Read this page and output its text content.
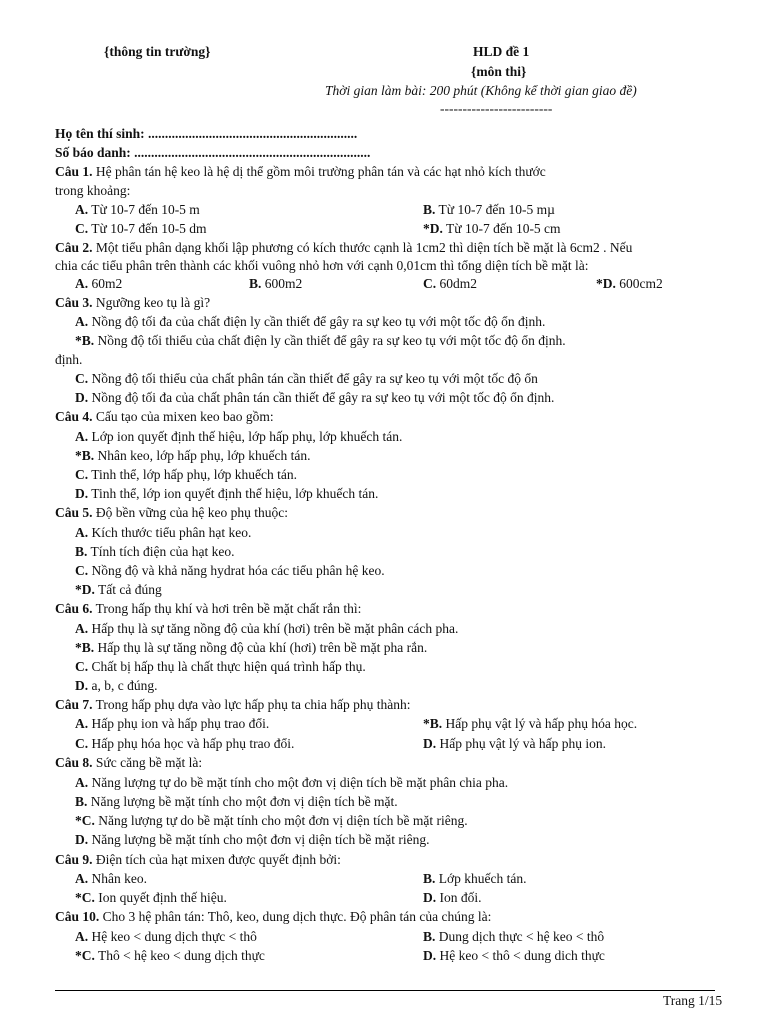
{thông tin trường}	HLD đề 1
{môn thi}
Thời gian làm bài: 200 phút (Không kể thời gian giao đề)
-------------------------
Họ tên thí sinh: ..............................................................
Số báo danh: ......................................................................
Câu 1. Hệ phân tán hệ keo là hệ dị thể gồm môi trường phân tán và các hạt nhỏ kích thước
trong khoảng:
A. Từ 10-7 đến 10-5 m	B. Từ 10-7 đến 10-5 mµ
C. Từ 10-7 đến 10-5 dm	*D. Từ 10-7 đến 10-5 cm
Câu 2. Một tiểu phân dạng khối lập phương có kích thước cạnh là 1cm2 thì diện tích bề mặt là 6cm2 . Nếu
chia các tiểu phân trên thành các khối vuông nhỏ hơn với cạnh 0,01cm thì tổng diện tích bề mặt là:
A. 60m2	B. 600m2	C. 60dm2	*D. 600cm2
Câu 3. Ngưỡng keo tụ là gì?
A. Nồng độ tối đa của chất điện ly cần thiết để gây ra sự keo tụ với một tốc độ ổn định.
*B. Nồng độ tối thiểu của chất điện ly cần thiết để gây ra sự keo tụ với một tốc độ ổn định.
định.
C. Nồng độ tối thiểu của chất phân tán cần thiết để gây ra sự keo tụ với một tốc độ ổn
D. Nồng độ tối đa của chất phân tán cần thiết để gây ra sự keo tụ với một tốc độ ổn định.
Câu 4. Cấu tạo của mixen keo bao gồm:
A. Lớp ion quyết định thế hiệu, lớp hấp phụ, lớp khuếch tán.
*B. Nhân keo, lớp hấp phụ, lớp khuếch tán.
C. Tinh thể, lớp hấp phụ, lớp khuếch tán.
D. Tinh thể, lớp ion quyết định thế hiệu, lớp khuếch tán.
Câu 5. Độ bền vững của hệ keo phụ thuộc:
A. Kích thước tiểu phân hạt keo.
B. Tính tích điện của hạt keo.
C. Nồng độ và khả năng hydrat hóa các tiểu phân hệ keo.
*D. Tất cả đúng
Câu 6. Trong hấp thụ khí và hơi trên bề mặt chất rắn thì:
A. Hấp thụ là sự tăng nồng độ của khí (hơi) trên bề mặt phân cách pha.
*B. Hấp thụ là sự tăng nồng độ của khí (hơi) trên bề mặt pha rắn.
C. Chất bị hấp thụ là chất thực hiện quá trình hấp thụ.
D. a, b, c đúng.
Câu 7. Trong hấp phụ dựa vào lực hấp phụ ta chia hấp phụ thành:
A. Hấp phụ ion và hấp phụ trao đổi.	*B. Hấp phụ vật lý và hấp phụ hóa học.
C. Hấp phụ hóa học và hấp phụ trao đổi.	D. Hấp phụ vật lý và hấp phụ ion.
Câu 8. Sức căng bề mặt là:
A. Năng lượng tự do bề mặt tính cho một đơn vị diện tích bề mặt phân chia pha.
B. Năng lượng bề mặt tính cho một đơn vị diện tích bề mặt.
*C. Năng lượng tự do bề mặt tính cho một đơn vị diện tích bề mặt riêng.
D. Năng lượng bề mặt tính cho một đơn vị diện tích bề mặt riêng.
Câu 9. Điện tích của hạt mixen được quyết định bởi:
A. Nhân keo.	B. Lớp khuếch tán.
*C. Ion quyết định thế hiệu.	D. Ion đối.
Câu 10. Cho 3 hệ phân tán: Thô, keo, dung dịch thực. Độ phân tán của chúng là:
A. Hệ keo < dung dịch thực < thô	B. Dung dịch thực < hệ keo < thô
*C. Thô < hệ keo < dung dịch thực	D. Hệ keo < thô < dung dich thực
Trang 1/15
